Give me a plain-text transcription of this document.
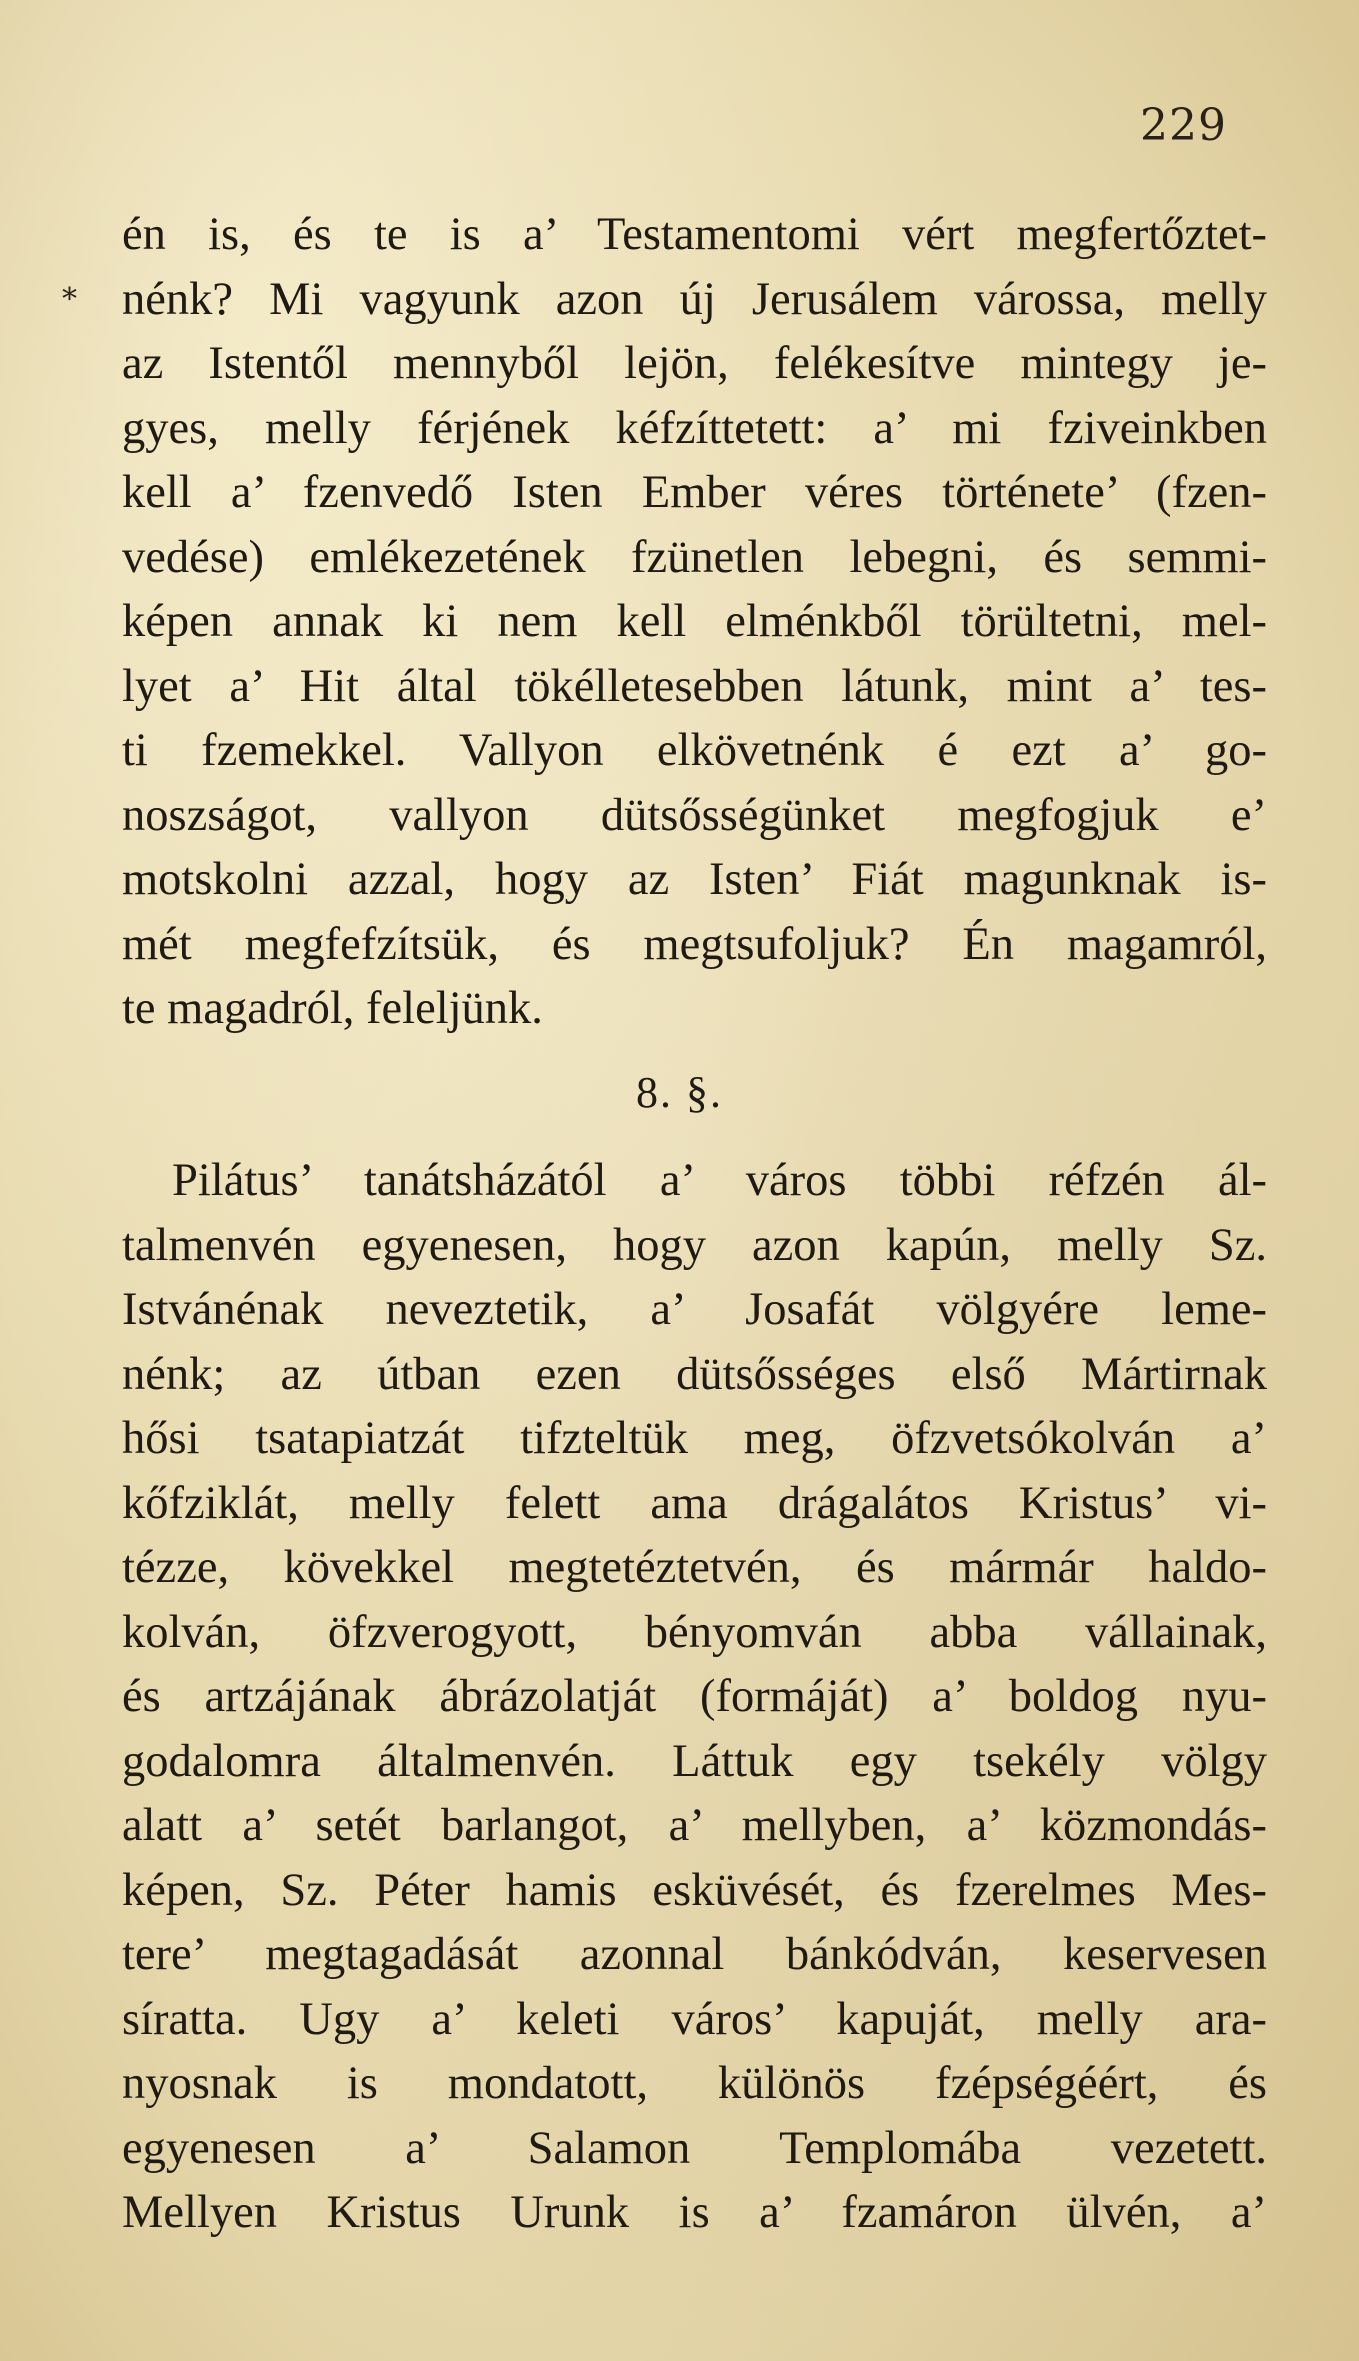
229
*
én is, és te is a’ Testamentomi vért megfertőztet-
nénk? Mi vagyunk azon új Jerusálem várossa, melly
az Istentől mennyből lejön, felékesítve mintegy je-
gyes, melly férjének kéfzíttetett: a’ mi fziveinkben
kell a’ fzenvedő Isten Ember véres története’ (fzen-
vedése) emlékezetének fzünetlen lebegni, és semmi-
képen annak ki nem kell elménkből törültetni, mel-
lyet a’ Hit által tökélletesebben látunk, mint a’ tes-
ti fzemekkel. Vallyon elkövetnénk é ezt a’ go-
noszságot, vallyon dütsősségünket megfogjuk e’
motskolni azzal, hogy az Isten’ Fiát magunknak is-
mét megfefzítsük, és megtsufoljuk? Én magamról,
te magadról, feleljünk.
8. §.
Pilátus’ tanátsházától a’ város többi réfzén ál-
talmenvén egyenesen, hogy azon kapún, melly Sz.
Istvánénak neveztetik, a’ Josafát völgyére leme-
nénk; az útban ezen dütsősséges első Mártirnak
hősi tsatapiatzát tifzteltük meg, öfzvetsókolván a’
kőfziklát, melly felett ama drágalátos Kristus’ vi-
tézze, kövekkel megtetéztetvén, és mármár haldo-
kolván, öfzverogyott, bényomván abba vállainak,
és artzájának ábrázolatját (formáját) a’ boldog nyu-
godalomra általmenvén. Láttuk egy tsekély völgy
alatt a’ setét barlangot, a’ mellyben, a’ közmondás-
képen, Sz. Péter hamis esküvését, és fzerelmes Mes-
tere’ megtagadását azonnal bánkódván, keservesen
síratta. Ugy a’ keleti város’ kapuját, melly ara-
nyosnak is mondatott, különös fzépségéért, és
egyenesen a’ Salamon Templomába vezetett.
Mellyen Kristus Urunk is a’ fzamáron ülvén, a’
